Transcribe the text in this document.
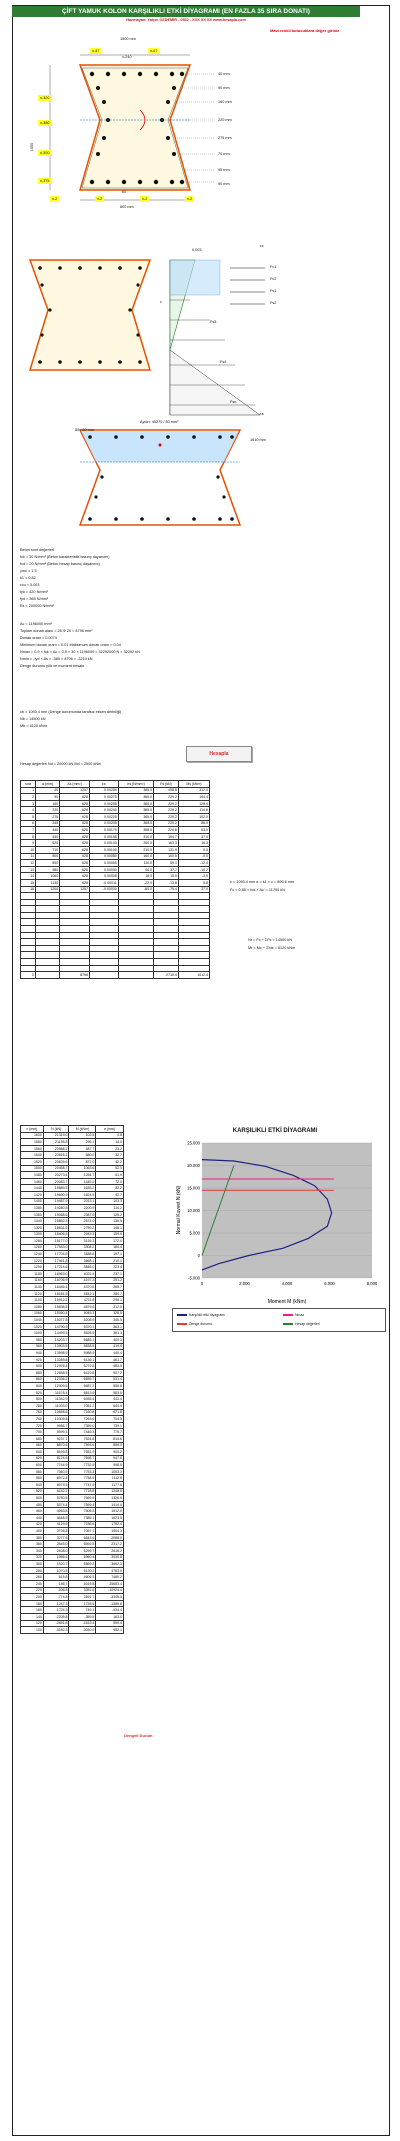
ÇİFT YAMUK KOLON KARŞILIKLI ETKİ DİYAGRAMI (EN FAZLA 35 SIRA DONATI)
Hazırlayan: Yalçın ÖZDEMİR - 0532 - XXX XX XX www.hesapla.com
Mavi renkli kutucuklara değer giriniz
1500 mm
x-47	x-47
x-240
1000
x-320
x-380
x-300
x-375
40 mm
90 mm
160 mm
220 mm
275 mm
70 mm
95 mm
90 mm
60
x-2	x-2	x-2	x-2
800 mm
0.003
c
εs
εc
Fc1
Fc2
Fs1
Fs2
Fs3
Fs4
Fsn
Aydın: 45270 / 80 mm²
80 / 80 mm
1610 mm
Beton sınıf değerleri
fck = 30 N/mm² (Beton karakteristik basınç dayanımı)
fcd = 20 N/mm² (Beton hesap basınç dayanımı)
γmc = 1.5
k1 = 0.82
εcu = 0.003
fyk = 420 N/mm²
fyd = 365 N/mm²
Es = 200000 N/mm²
Ac = 1196000 mm²
Toplam donatı alanı = 28 Φ 20 = 8796 mm²
Donatı oranı = 0.0074
Minimum donatı oranı = 0.01 Maksimum donatı oranı = 0.04
Nmax = 0.9 × fck × Ac = 0.9 × 30 × 1196000 = 32292000 N = 32292 kN
Nmin = -fyd × As = -365 × 8796 = -3210 kN
Denge durumu yük ve moment hesabı
cb = 1093.4 mm (Denge durumunda tarafsız eksen derinliği)
Nb = 14500 kN
Mb = 6120 kNm
Hesap değerleri Nd = 20000 kN Md = 2500 kNm
Hesapla
sıra	d (mm)	As (mm²)	εs	σs (N/mm²)	Fs (kN)	Ms (kNm)
1	40	1257	0.00289	365.0	458.8	312.0
2	90	628	0.00275	365.0	229.2	144.4
3	160	628	0.00256	365.0	229.2	128.4
4	220	628	0.00240	365.0	229.2	114.6
5	275	628	0.00225	365.0	229.2	102.0
6	345	628	0.00205	365.0	229.2	86.0
7	440	628	0.00179	358.0	224.8	63.0
8	530	628	0.00155	310.0	194.7	37.0
9	620	628	0.00130	260.0	163.3	16.3
10	710	628	0.00105	210.0	131.9	0.0
11	800	628	0.00080	160.0	100.5	-9.0
12	890	628	0.00055	110.0	69.1	-12.4
13	980	628	0.00030	60.0	37.7	-10.2
14	1060	628	0.00008	16.0	10.0	-3.5
15	1130	628	-0.00011	-22.0	-13.8	5.8
16	1200	1257	-0.00030	-60.0	-75.4	37.0

Σ		8796			2710.4	1012.4
c = 1093.4 mm a = k1 × c = 896.6 mm
Fc = 0.85 × fcd × Ac' = 11790 kN
Nr = Fc + ΣFs = 14500 kN
Mr = Mc + ΣMs = 6120 kNm
KARŞILIKLI ETKİ DİYAGRAMI
-5.000
0
5.000
10.000
15.000
20.000
25.000
0	2.000	4.000	6.000	8.000
Normal Kuvvet N (kN)
Moment M (kNm)
Karşılıklı etki diyagramı	Nmax
Denge durumu	Hesap değerleri
c (mm)	N (kN)	M (kNm)	e (mm)
1600	21319.0	102.5	4.8
1580	21155.8	295.1	14.0
1560	20988.2	487.7	23.2
1540	20816.1	680.0	32.7
1520	20639.6	872.0	42.2
1500	20458.7	1063.6	52.0
1480	20273.4	1254.7	61.9
1460	20083.7	1445.2	72.0
1440	19889.5	1635.2	82.2
1420	19690.9	1824.5	92.7
1400	19487.9	2013.1	103.3
1380	19280.5	2200.9	114.2
1360	19068.6	2387.9	125.2
1340	18852.3	2574.0	136.5
1320	18631.6	2759.2	148.1
1300	18406.5	2943.3	159.9
1280	18177.0	3126.3	172.0
1260	17943.0	3308.2	184.4
1240	17704.6	3488.8	197.1
1220	17461.8	3668.1	210.1
1200	17214.6	3846.0	223.4
1180	16963.0	4022.4	237.1
1160	16706.9	4197.3	251.2
1140	16446.4	4370.6	265.7
1120	16181.5	4542.1	280.7
1100	15912.2	4711.8	296.1
1080	15638.5	4879.6	312.0
1060	15360.4	5045.3	328.5
1040	15077.8	5208.9	345.5
1020	14790.9	5370.1	363.1
1000	14499.5	5528.9	381.3
980	14203.7	5685.1	400.3
960	13903.5	5838.5	419.9
940	13598.9	5988.9	440.4
920	13289.8	6136.1	461.7
900	12976.4	6279.8	483.9
880	12658.5	6419.8	507.2
860	12336.2	6555.7	531.4
840	12009.5	6687.2	556.8
820	11678.4	6813.9	583.5
800	11342.9	6935.4	611.4
780	11003.0	7051.2	640.9
760	10658.6	7160.8	671.8
740	10309.8	7263.6	704.5
720	9956.7	7359.0	739.1
700	9599.1	7446.3	775.7
680	9237.1	7524.8	814.6
660	8870.6	7593.6	856.0
640	8499.8	7651.9	900.2
620	8124.6	7698.7	947.6
600	7744.9	7732.9	998.5
580	7360.9	7753.4	1053.3
560	6972.4	7758.9	1112.8
540	6579.5	7747.9	1177.6
520	6182.2	7718.8	1248.6
500	5780.5	7669.9	1326.9
480	5374.4	7599.4	1414.0
460	4963.8	7505.2	1512.0
440	4548.9	7385.1	1623.5
420	4129.5	7236.6	1752.4
400	3705.8	7057.1	1904.3
380	3277.6	6843.6	2088.0
360	2845.0	6592.5	2317.2
340	2408.0	6299.7	2616.2
320	1966.6	5960.4	3030.8
300	1520.7	5569.3	3662.3
280	1070.5	5120.2	4783.0
260	615.8	4606.3	7480.2
240	156.7	4019.8	25653.4
220	-306.8	3351.6	-10924.4
200	-774.8	2591.7	-3345.0
180	-1247.3	1728.5	-1385.8
160	-1724.3	749.1	-434.4
140	-2205.8	-359.5	163.0
120	-2691.8	-1613.4	599.4
100	-3182.3	-3030.0	952.1
Dengeli Durum
